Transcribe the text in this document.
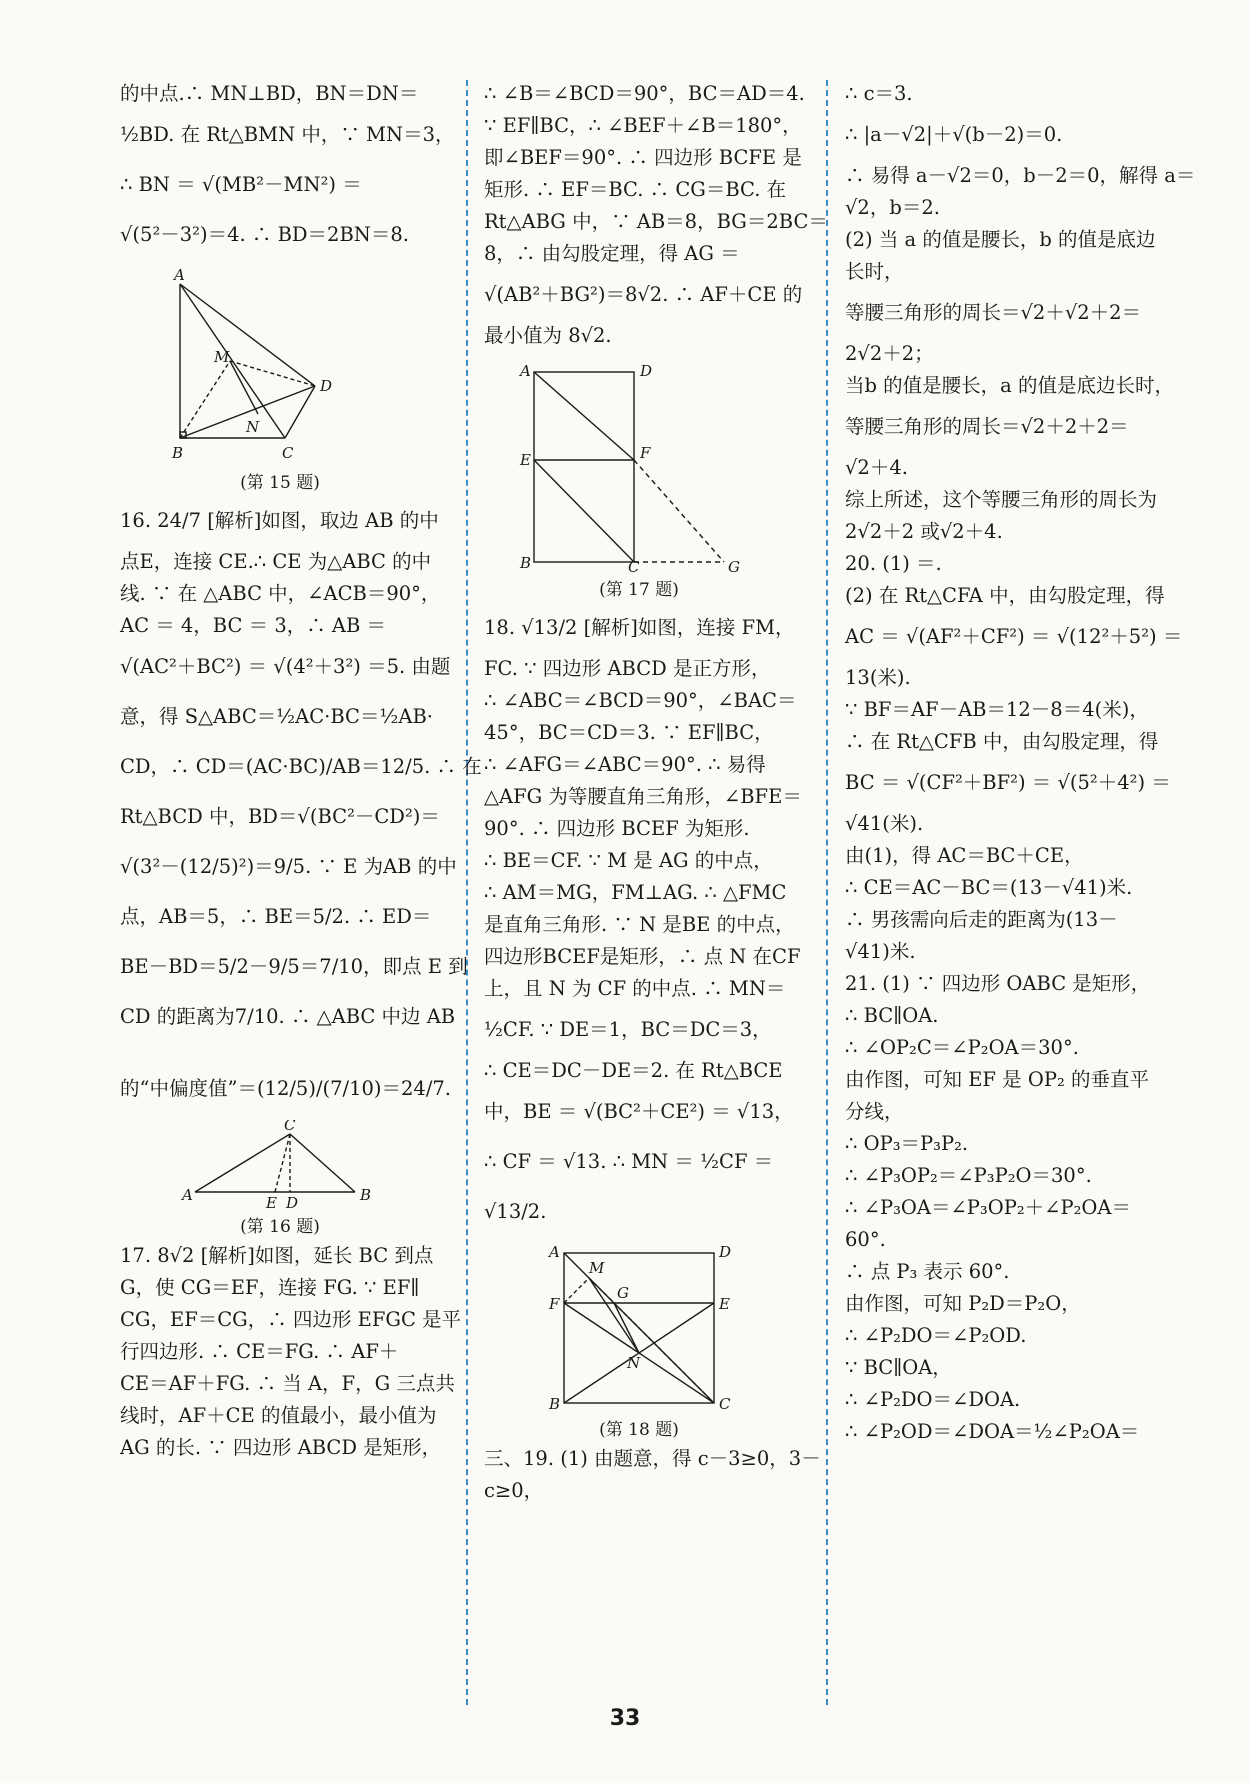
的中点.∴ MN⊥BD，BN＝DN＝
½BD. 在 Rt△BMN 中，∵ MN＝3，
∴ BN ＝ √(MB²－MN²) ＝
√(5²－3²)＝4. ∴ BD＝2BN＝8.
A
M
D
B
N
C
(第 15 题)
16. 24/7 [解析]如图，取边 AB 的中
点E，连接 CE.∴ CE 为△ABC 的中
线. ∵ 在 △ABC 中，∠ACB＝90°，
AC ＝ 4，BC ＝ 3，∴ AB ＝
√(AC²＋BC²) ＝ √(4²＋3²) ＝5. 由题
意，得 S△ABC＝½AC·BC＝½AB·
CD，∴ CD＝(AC·BC)/AB＝12/5. ∴ 在
Rt△BCD 中，BD＝√(BC²－CD²)＝
√(3²－(12/5)²)＝9/5. ∵ E 为AB 的中
点，AB＝5，∴ BE＝5/2. ∴ ED＝
BE－BD＝5/2－9/5＝7/10，即点 E 到
CD 的距离为7/10. ∴ △ABC 中边 AB
的“中偏度值”＝(12/5)/(7/10)＝24/7.
C
A	E D	B
(第 16 题)
17. 8√2 [解析]如图，延长 BC 到点
G，使 CG＝EF，连接 FG. ∵ EF∥
CG，EF＝CG，∴ 四边形 EFGC 是平
行四边形. ∴ CE＝FG. ∴ AF＋
CE＝AF＋FG. ∴ 当 A，F，G 三点共
线时，AF＋CE 的值最小，最小值为
AG 的长. ∵ 四边形 ABCD 是矩形，
∴ ∠B＝∠BCD＝90°，BC＝AD＝4.
∵ EF∥BC，∴ ∠BEF＋∠B＝180°，
即∠BEF＝90°. ∴ 四边形 BCFE 是
矩形. ∴ EF＝BC. ∴ CG＝BC. 在
Rt△ABG 中，∵ AB＝8，BG＝2BC＝
8，∴ 由勾股定理，得 AG ＝
√(AB²＋BG²)＝8√2. ∴ AF＋CE 的
最小值为 8√2.
A	D
E	F
B	C	G
(第 17 题)
18. √13/2 [解析]如图，连接 FM，
FC. ∵ 四边形 ABCD 是正方形，
∴ ∠ABC＝∠BCD＝90°，∠BAC＝
45°，BC＝CD＝3. ∵ EF∥BC，
∴ ∠AFG＝∠ABC＝90°. ∴ 易得
△AFG 为等腰直角三角形，∠BFE＝
90°. ∴ 四边形 BCEF 为矩形.
∴ BE＝CF. ∵ M 是 AG 的中点，
∴ AM＝MG，FM⊥AG. ∴ △FMC
是直角三角形. ∵ N 是BE 的中点，
四边形BCEF是矩形，∴ 点 N 在CF
上，且 N 为 CF 的中点. ∴ MN＝
½CF. ∵ DE＝1，BC＝DC＝3，
∴ CE＝DC－DE＝2. 在 Rt△BCE
中，BE ＝ √(BC²＋CE²) ＝ √13，
∴ CF ＝ √13. ∴ MN ＝ ½CF ＝
√13/2.
A
M
G
D
F	E
N
B	C
(第 18 题)
三、19. (1) 由题意，得 c－3≥0，3－
c≥0，
∴ c＝3.
∴ |a－√2|＋√(b－2)＝0.
∴ 易得 a－√2＝0，b－2＝0，解得 a＝
√2，b＝2.
(2) 当 a 的值是腰长，b 的值是底边
长时，
等腰三角形的周长＝√2＋√2＋2＝
2√2＋2；
当b 的值是腰长，a 的值是底边长时，
等腰三角形的周长＝√2＋2＋2＝
√2＋4.
综上所述，这个等腰三角形的周长为
2√2＋2 或√2＋4.
20. (1) ＝.
(2) 在 Rt△CFA 中，由勾股定理，得
AC ＝ √(AF²＋CF²) ＝ √(12²＋5²) ＝
13(米).
∵ BF＝AF－AB＝12－8＝4(米)，
∴ 在 Rt△CFB 中，由勾股定理，得
BC ＝ √(CF²＋BF²) ＝ √(5²＋4²) ＝
√41(米).
由(1)，得 AC＝BC＋CE，
∴ CE＝AC－BC＝(13－√41)米.
∴ 男孩需向后走的距离为(13－
√41)米.
21. (1) ∵ 四边形 OABC 是矩形，
∴ BC∥OA.
∴ ∠OP₂C＝∠P₂OA＝30°.
由作图，可知 EF 是 OP₂ 的垂直平
分线，
∴ OP₃＝P₃P₂.
∴ ∠P₃OP₂＝∠P₃P₂O＝30°.
∴ ∠P₃OA＝∠P₃OP₂＋∠P₂OA＝
60°.
∴ 点 P₃ 表示 60°.
由作图，可知 P₂D＝P₂O，
∴ ∠P₂DO＝∠P₂OD.
∵ BC∥OA，
∴ ∠P₂DO＝∠DOA.
∴ ∠P₂OD＝∠DOA＝½∠P₂OA＝
33
